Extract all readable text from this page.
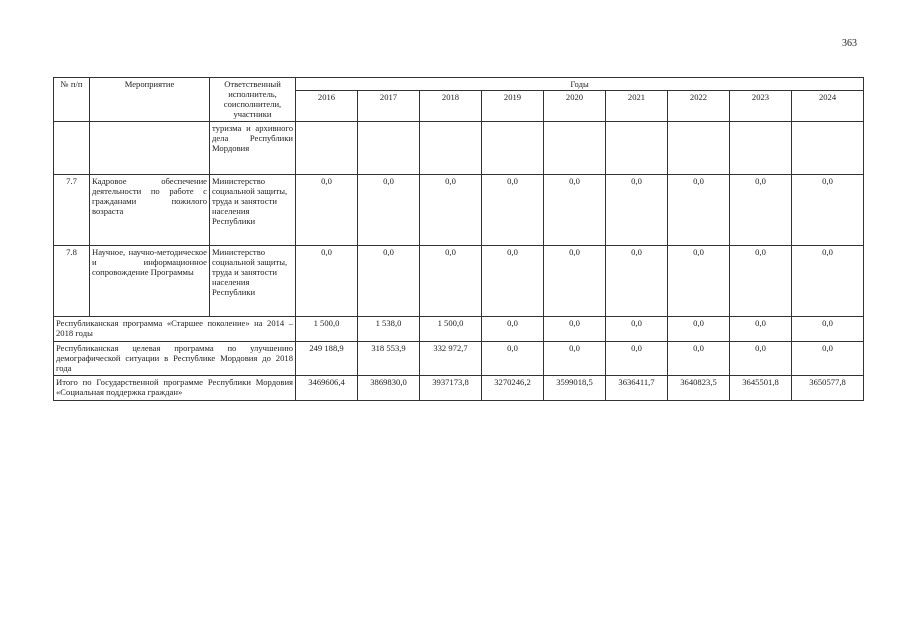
363
№ п/п	Мероприятие	Ответственный исполнитель, соисполнители, участники	Годы								
			2016	2017	2018	2019	2020	2021	2022	2023	2024
		туризма и архивного дела Республики Мордовия									
7.7	Кадровое обеспечение деятельности по работе с гражданами пожилого возраста	Министерство социальной защиты, труда и занятости населения Республики	0,0	0,0	0,0	0,0	0,0	0,0	0,0	0,0	0,0
7.8	Научное, научно-методическое и информационное сопровождение Программы	Министерство социальной защиты, труда и занятости населения Республики	0,0	0,0	0,0	0,0	0,0	0,0	0,0	0,0	0,0
Республиканская программа «Старшее поколение» на 2014 – 2018 годы			1 500,0	1 538,0	1 500,0	0,0	0,0	0,0	0,0	0,0	0,0
Республиканская целевая программа по улучшению демографической ситуации в Республике Мордовия до 2018 года			249 188,9	318 553,9	332 972,7	0,0	0,0	0,0	0,0	0,0	0,0
Итого по Государственной программе Республики Мордовия «Социальная поддержка граждан»			3469606,4	3869830,0	3937173,8	3270246,2	3599018,5	3636411,7	3640823,5	3645501,8	3650577,8
